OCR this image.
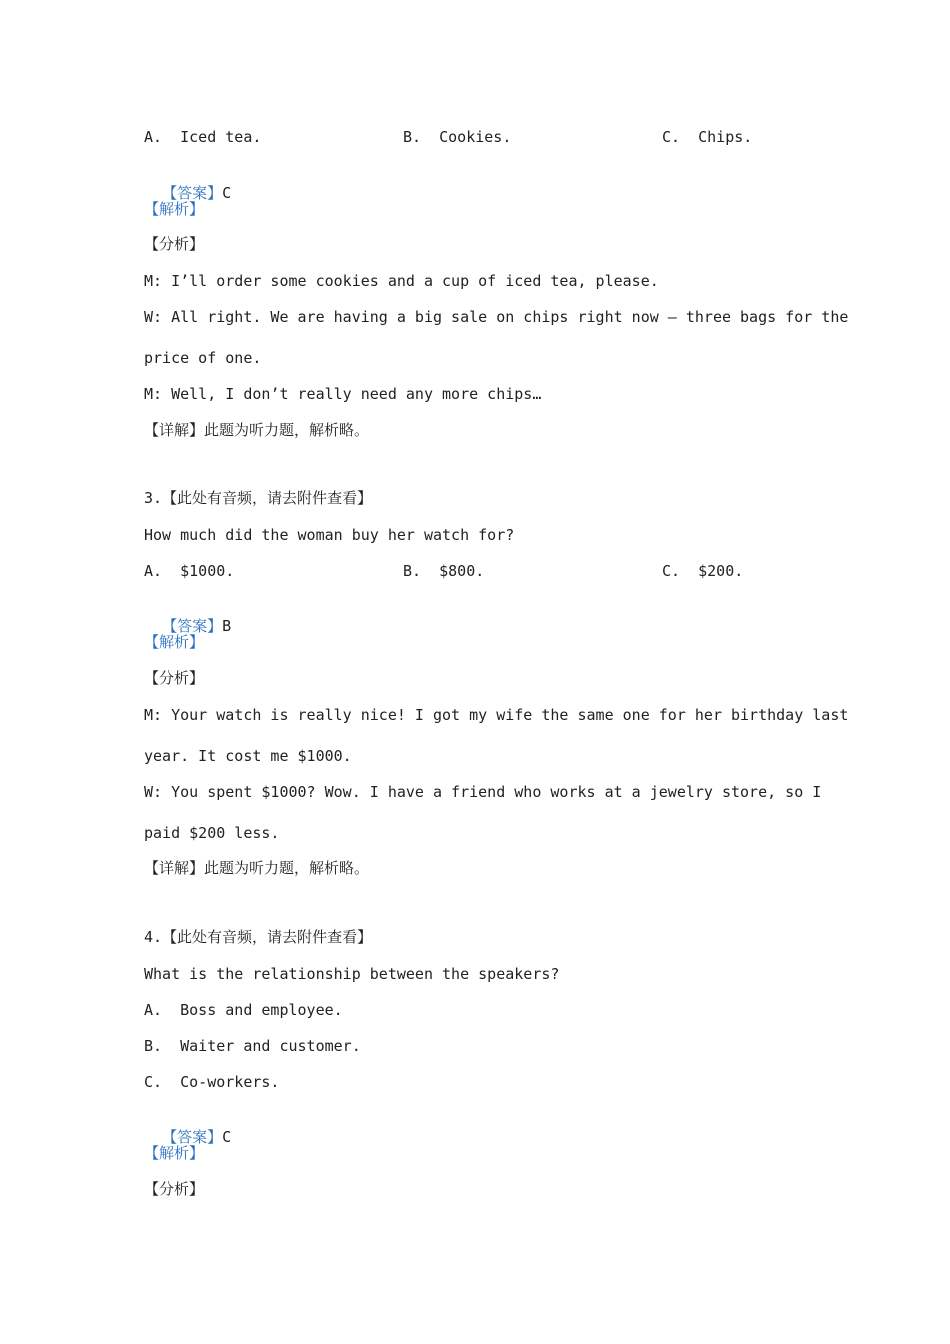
A.  Iced tea.	B.  Cookies.	C.  Chips.

【答案】C

【解析】
【分析】
M: I’ll order some cookies and a cup of iced tea, please.
W: All right. We are having a big sale on chips right now — three bags for the
price of one.
M: Well, I don’t really need any more chips…
【详解】此题为听力题，解析略。
3.【此处有音频，请去附件查看】
How much did the woman buy her watch for?
A.  $1000.	B.  $800.	C.  $200.

【答案】B

【解析】
【分析】
M: Your watch is really nice! I got my wife the same one for her birthday last
year. It cost me $1000.
W: You spent $1000? Wow. I have a friend who works at a jewelry store, so I
paid $200 less.
【详解】此题为听力题，解析略。
4.【此处有音频，请去附件查看】
What is the relationship between the speakers?
A.  Boss and employee.
B.  Waiter and customer.
C.  Co-workers.

【答案】C

【解析】
【分析】
